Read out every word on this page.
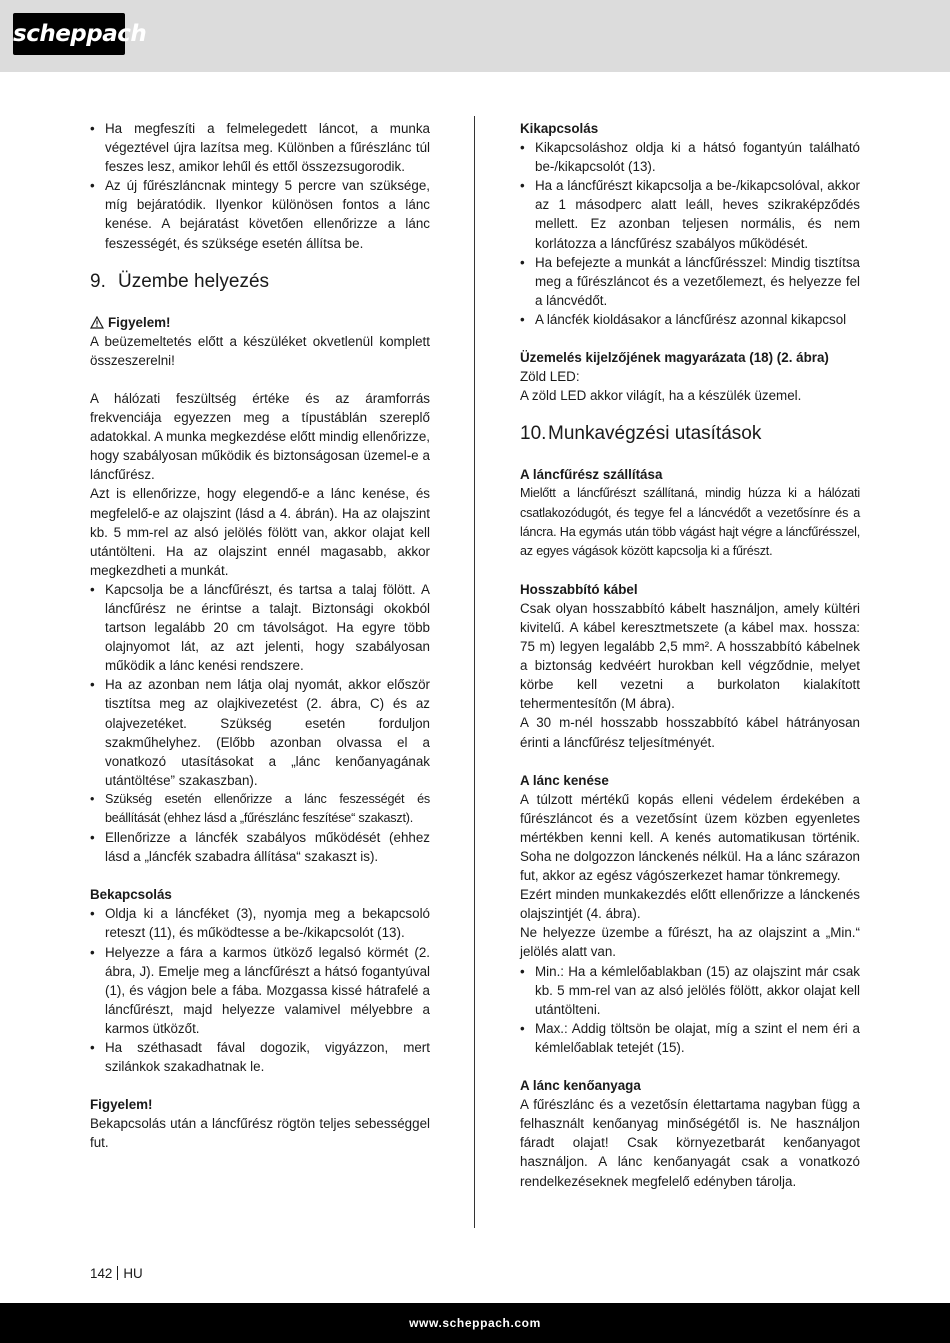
scheppach
• Ha megfeszíti a felmelegedett láncot, a munka végeztével újra lazítsa meg. Különben a fűrészlánc túl feszes lesz, amikor lehűl és ettől összezsugorodik.
• Az új fűrészláncnak mintegy 5 percre van szüksége, míg bejáratódik. Ilyenkor különösen fontos a lánc kenése. A bejáratást követően ellenőrizze a lánc feszességét, és szüksége esetén állítsa be.
9. Üzembe helyezés
Figyelem!

A beüzemeltetés előtt a készüléket okvetlenül komplett összeszerelni!

A hálózati feszültség értéke és az áramforrás frekvenciája egyezzen meg a típustáblán szereplő adatokkal. A munka megkezdése előtt mindig ellenőrizze, hogy szabályosan működik és biztonságosan üzemel-e a láncfűrész.

Azt is ellenőrizze, hogy elegendő-e a lánc kenése, és megfelelő-e az olajszint (lásd a 4. ábrán). Ha az olajszint kb. 5 mm-rel az alsó jelölés fölött van, akkor olajat kell utántölteni. Ha az olajszint ennél magasabb, akkor megkezdheti a munkát.

• Kapcsolja be a láncfűrészt, és tartsa a talaj fölött. A láncfűrész ne érintse a talajt. Biztonsági okokból tartson legalább 20 cm távolságot. Ha egyre több olajnyomot lát, az azt jelenti, hogy szabályosan működik a lánc kenési rendszere.
• Ha az azonban nem látja olaj nyomát, akkor először tisztítsa meg az olajkivezetést (2. ábra, C) és az olajvezetéket. Szükség esetén forduljon szakműhelyhez. (Előbb azonban olvassa el a vonatkozó utasításokat a „lánc kenőanyagának utántöltése” szakaszban).
• Szükség esetén ellenőrizze a lánc feszességét és beállítását (ehhez lásd a „fűrészlánc feszítése“ szakaszt).
• Ellenőrizze a láncfék szabályos működését (ehhez lásd a „láncfék szabadra állítása“ szakaszt is).

Bekapcsolás

• Oldja ki a láncféket (3), nyomja meg a bekapcsoló reteszt (11), és működtesse a be-/kikapcsolót (13).
• Helyezze a fára a karmos ütköző legalsó körmét (2. ábra, J). Emelje meg a láncfűrészt a hátsó fogantyúval (1), és vágjon bele a fába. Mozgassa kissé hátrafelé a láncfűrészt, majd helyezze valamivel mélyebbre a karmos ütközőt.
• Ha széthasadt fával dogozik, vigyázzon, mert szilánkok szakadhatnak le.

Figyelem!

Bekapcsolás után a láncfűrész rögtön teljes sebességgel fut.

Kikapcsolás

• Kikapcsoláshoz oldja ki a hátsó fogantyún található be-/kikapcsolót (13).
• Ha a láncfűrészt kikapcsolja a be-/kikapcsolóval, akkor az 1 másodperc alatt leáll, heves szikraképződés mellett. Ez azonban teljesen normális, és nem korlátozza a láncfűrész szabályos működését.
• Ha befejezte a munkát a láncfűrésszel: Mindig tisztítsa meg a fűrészláncot és a vezetőlemezt, és helyezze fel a láncvédőt.
• A láncfék kioldásakor a láncfűrész azonnal kikapcsol

Üzemelés kijelzőjének magyarázata (18) (2. ábra)

Zöld LED:

A zöld LED akkor világít, ha a készülék üzemel.

10. Munkavégzési utasítások

A láncfűrész szállítása

Mielőtt a láncfűrészt szállítaná, mindig húzza ki a hálózati csatlakozódugót, és tegye fel a láncvédőt a vezetősínre és a láncra. Ha egymás után több vágást hajt végre a láncfűrésszel, az egyes vágások között kapcsolja ki a fűrészt.

Hosszabbító kábel

Csak olyan hosszabbító kábelt használjon, amely kültéri kivitelű. A kábel keresztmetszete (a kábel max. hossza: 75 m) legyen legalább 2,5 mm². A hosszabbító kábelnek a biztonság kedvéért hurokban kell végződnie, melyet körbe kell vezetni a burkolaton kialakított tehermentesítőn (M ábra).

A 30 m-nél hosszabb hosszabbító kábel hátrányosan érinti a láncfűrész teljesítményét.

A lánc kenése

A túlzott mértékű kopás elleni védelem érdekében a fűrészláncot és a vezetősínt üzem közben egyenletes mértékben kenni kell. A kenés automatikusan történik. Soha ne dolgozzon lánckenés nélkül. Ha a lánc szárazon fut, akkor az egész vágószerkezet hamar tönkremegy.

Ezért minden munkakezdés előtt ellenőrizze a lánckenés olajszintjét (4. ábra).

Ne helyezze üzembe a fűrészt, ha az olajszint a „Min.“ jelölés alatt van.

• Min.: Ha a kémlelőablakban (15) az olajszint már csak kb. 5 mm-rel van az alsó jelölés fölött, akkor olajat kell utántölteni.
• Max.: Addig töltsön be olajat, míg a szint el nem éri a kémlelőablak tetejét (15).

A lánc kenőanyaga

A fűrészlánc és a vezetősín élettartama nagyban függ a felhasznált kenőanyag minőségétől is. Ne használjon fáradt olajat! Csak környezetbarát kenőanyagot használjon. A lánc kenőanyagát csak a vonatkozó rendelkezéseknek megfelelő edényben tárolja.

142 HU
www.scheppach.com
